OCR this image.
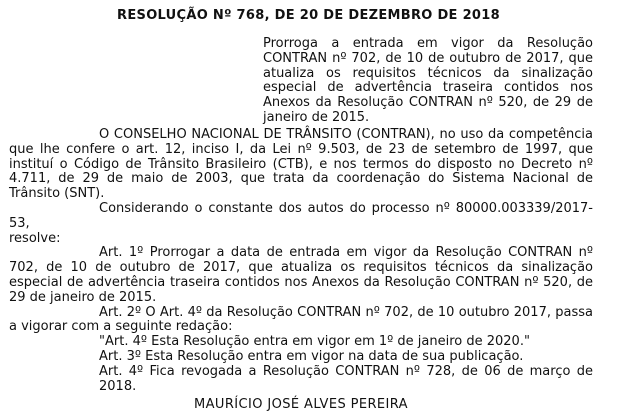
RESOLUÇÃO Nº 768, DE 20 DE DEZEMBRO DE 2018
Prorroga a entrada em vigor da Resolução CONTRAN nº 702, de 10 de outubro de 2017, que atualiza os requisitos técnicos da sinalização especial de advertência traseira contidos nos Anexos da Resolução CONTRAN nº 520, de 29 de janeiro de 2015.

O CONSELHO NACIONAL DE TRÂNSITO (CONTRAN), no uso da competência que lhe confere o art. 12, inciso I, da Lei nº 9.503, de 23 de setembro de 1997, que instituí o Código de Trânsito Brasileiro (CTB), e nos termos do disposto no Decreto nº 4.711, de 29 de maio de 2003, que trata da coordenação do Sistema Nacional de Trânsito (SNT).

Considerando o constante dos autos do processo nº 80000.003339/2017-53,

resolve:

Art. 1º Prorrogar a data de entrada em vigor da Resolução CONTRAN nº 702, de 10 de outubro de 2017, que atualiza os requisitos técnicos da sinalização especial de advertência traseira contidos nos Anexos da Resolução CONTRAN nº 520, de 29 de janeiro de 2015.

Art. 2º O Art. 4º da Resolução CONTRAN nº 702, de 10 outubro 2017, passa a vigorar com a seguinte redação:

"Art. 4º Esta Resolução entra em vigor em 1º de janeiro de 2020."

Art. 3º Esta Resolução entra em vigor na data de sua publicação.

Art. 4º Fica revogada a Resolução CONTRAN nº 728, de 06 de março de 2018.

MAURÍCIO JOSÉ ALVES PEREIRA
